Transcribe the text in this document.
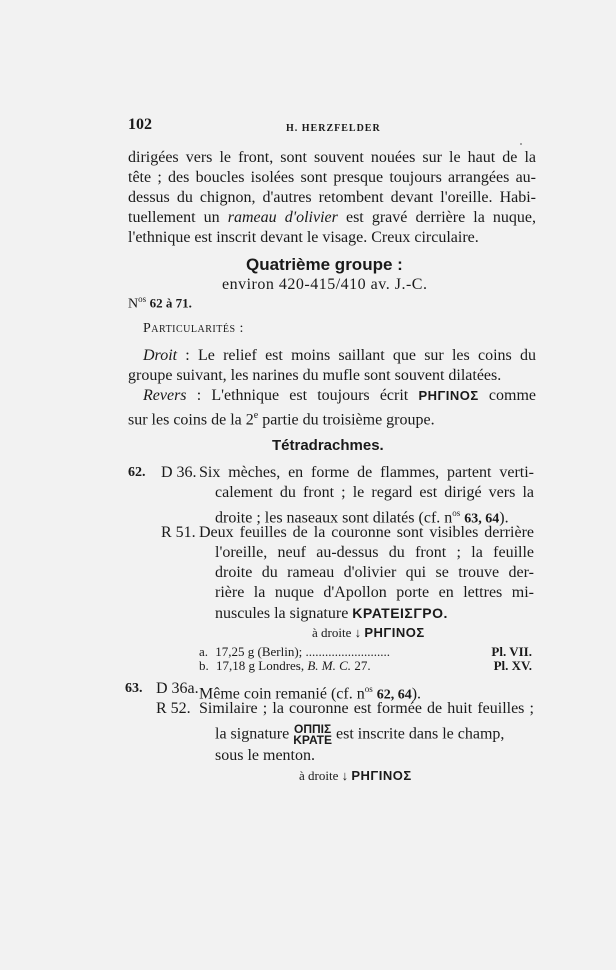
102	H. HERZFELDER
dirigées vers le front, sont souvent nouées sur le haut de la
tête ; des boucles isolées sont presque toujours arrangées au-
dessus du chignon, d'autres retombent devant l'oreille. Habi-
tuellement un rameau d'olivier est gravé derrière la nuque,
l'ethnique est inscrit devant le visage. Creux circulaire.
Quatrième groupe :
environ 420-415/410 av. J.-C.
$N^{os}$ 62 à 71.
Particularités :
Droit : Le relief est moins saillant que sur les coins du
groupe suivant, les narines du mufle sont souvent dilatées.
Revers : L'ethnique est toujours écrit ΡΗΓΙΝΟΣ comme
sur les coins de la 2e partie du troisième groupe.
Tétradrachmes.
62. D 36. Six mèches, en forme de flammes, partent verti-
calement du front ; le regard est dirigé vers la
droite ; les naseaux sont dilatés (cf. $n^{os}$ 63, 64).
R 51. Deux feuilles de la couronne sont visibles derrière
l'oreille, neuf au-dessus du front ; la feuille
droite du rameau d'olivier qui se trouve der-
rière la nuque d'Apollon porte en lettres mi-
nuscules la signature ΚΡΑΤΕΙΣΓΡΟ.
à droite ↓ ΡΗΓΙΝΟΣ
a. 17,25 g (Berlin); ..........................	Pl. VII.
b. 17,18 g Londres, B. M. C. 27.	Pl. XV.
63. D 36a. Même coin remanié (cf. $n^{os}$ 62, 64).
R 52. Similaire ; la couronne est formée de huit feuilles ;
la signature ΟΠΠΙΣ
ΚΡΑΤΕ est inscrite dans le champ,
sous le menton.
à droite ↓ ΡΗΓΙΝΟΣ
